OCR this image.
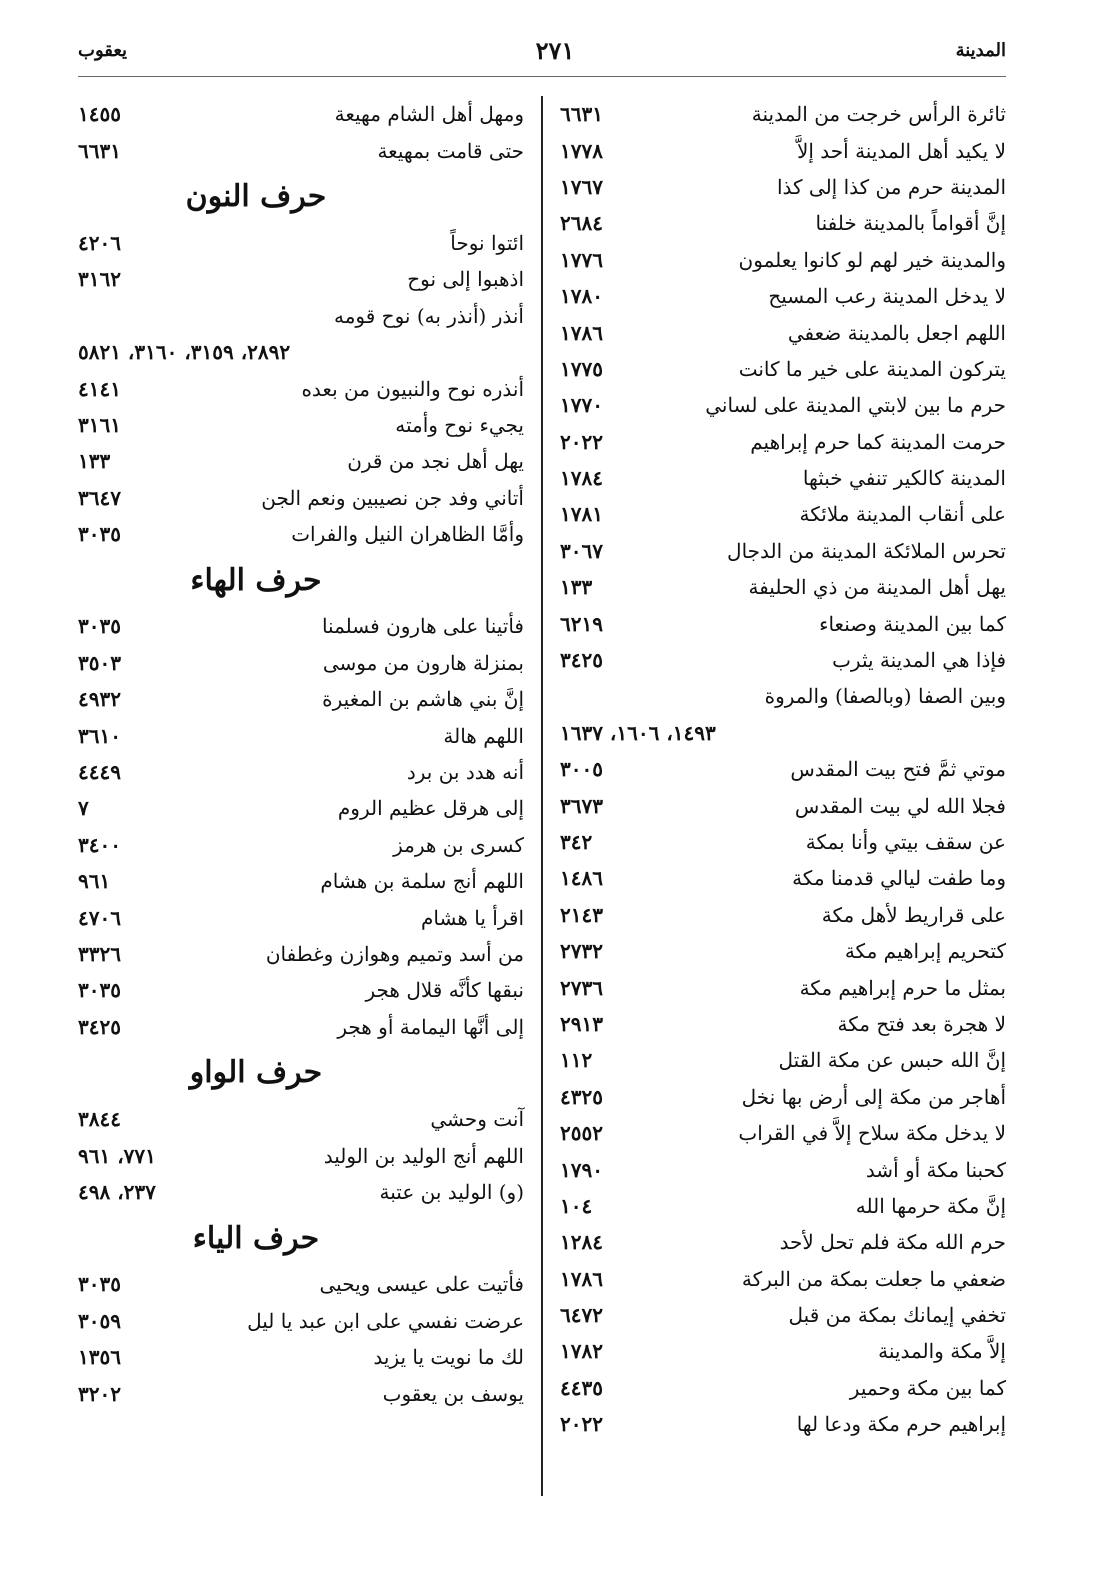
المدينة
٢٧١
يعقوب
ثائرة الرأس خرجت من المدينة
٦٦٣١
لا يكيد أهل المدينة أحد إلاَّ
١٧٧٨
المدينة حرم من كذا إلى كذا
١٧٦٧
إنَّ أقواماً بالمدينة خلفنا
٢٦٨٤
والمدينة خير لهم لو كانوا يعلمون
١٧٧٦
لا يدخل المدينة رعب المسيح
١٧٨٠
اللهم اجعل بالمدينة ضعفي
١٧٨٦
يتركون المدينة على خير ما كانت
١٧٧٥
حرم ما بين لابتي المدينة على لساني
١٧٧٠
حرمت المدينة كما حرم إبراهيم
٢٠٢٢
المدينة كالكير تنفي خبثها
١٧٨٤
على أنقاب المدينة ملائكة
١٧٨١
تحرس الملائكة المدينة من الدجال
٣٠٦٧
يهل أهل المدينة من ذي الحليفة
١٣٣
كما بين المدينة وصنعاء
٦٢١٩
فإذا هي المدينة يثرب
٣٤٢٥
وبين الصفا (وبالصفا) والمروة
١٤٩٣، ١٦٠٦، ١٦٣٧
موتي ثمَّ فتح بيت المقدس
٣٠٠٥
فجلا الله لي بيت المقدس
٣٦٧٣
عن سقف بيتي وأنا بمكة
٣٤٢
وما طفت ليالي قدمنا مكة
١٤٨٦
على قراريط لأهل مكة
٢١٤٣
كتحريم إبراهيم مكة
٢٧٣٢
بمثل ما حرم إبراهيم مكة
٢٧٣٦
لا هجرة بعد فتح مكة
٢٩١٣
إنَّ الله حبس عن مكة القتل
١١٢
أهاجر من مكة إلى أرض بها نخل
٤٣٢٥
لا يدخل مكة سلاح إلاَّ في القراب
٢٥٥٢
كحبنا مكة أو أشد
١٧٩٠
إنَّ مكة حرمها الله
١٠٤
حرم الله مكة فلم تحل لأحد
١٢٨٤
ضعفي ما جعلت بمكة من البركة
١٧٨٦
تخفي إيمانك بمكة من قبل
٦٤٧٢
إلاَّ مكة والمدينة
١٧٨٢
كما بين مكة وحمير
٤٤٣٥
إبراهيم حرم مكة ودعا لها
٢٠٢٢
ومهل أهل الشام مهيعة
١٤٥٥
حتى قامت بمهيعة
٦٦٣١
حرف النون
ائتوا نوحاً
٤٢٠٦
اذهبوا إلى نوح
٣١٦٢
أنذر (أنذر به) نوح قومه
٢٨٩٢، ٣١٥٩، ٣١٦٠، ٥٨٢١
أنذره نوح والنبيون من بعده
٤١٤١
يجيء نوح وأمته
٣١٦١
يهل أهل نجد من قرن
١٣٣
أتاني وفد جن نصيبين ونعم الجن
٣٦٤٧
وأمَّا الظاهران النيل والفرات
٣٠٣٥
حرف الهاء
فأتينا على هارون فسلمنا
٣٠٣٥
بمنزلة هارون من موسى
٣٥٠٣
إنَّ بني هاشم بن المغيرة
٤٩٣٢
اللهم هالة
٣٦١٠
أنه هدد بن برد
٤٤٤٩
إلى هرقل عظيم الروم
٧
كسرى بن هرمز
٣٤٠٠
اللهم أنج سلمة بن هشام
٩٦١
اقرأ يا هشام
٤٧٠٦
من أسد وتميم وهوازن وغطفان
٣٣٢٦
نبقها كأنَّه قلال هجر
٣٠٣٥
إلى أنَّها اليمامة أو هجر
٣٤٢٥
حرف الواو
آنت وحشي
٣٨٤٤
اللهم أنج الوليد بن الوليد
٧٧١، ٩٦١
(و) الوليد بن عتبة
٢٣٧، ٤٩٨
حرف الياء
فأتيت على عيسى ويحيى
٣٠٣٥
عرضت نفسي على ابن عبد يا ليل
٣٠٥٩
لك ما نويت يا يزيد
١٣٥٦
يوسف بن يعقوب
٣٢٠٢
